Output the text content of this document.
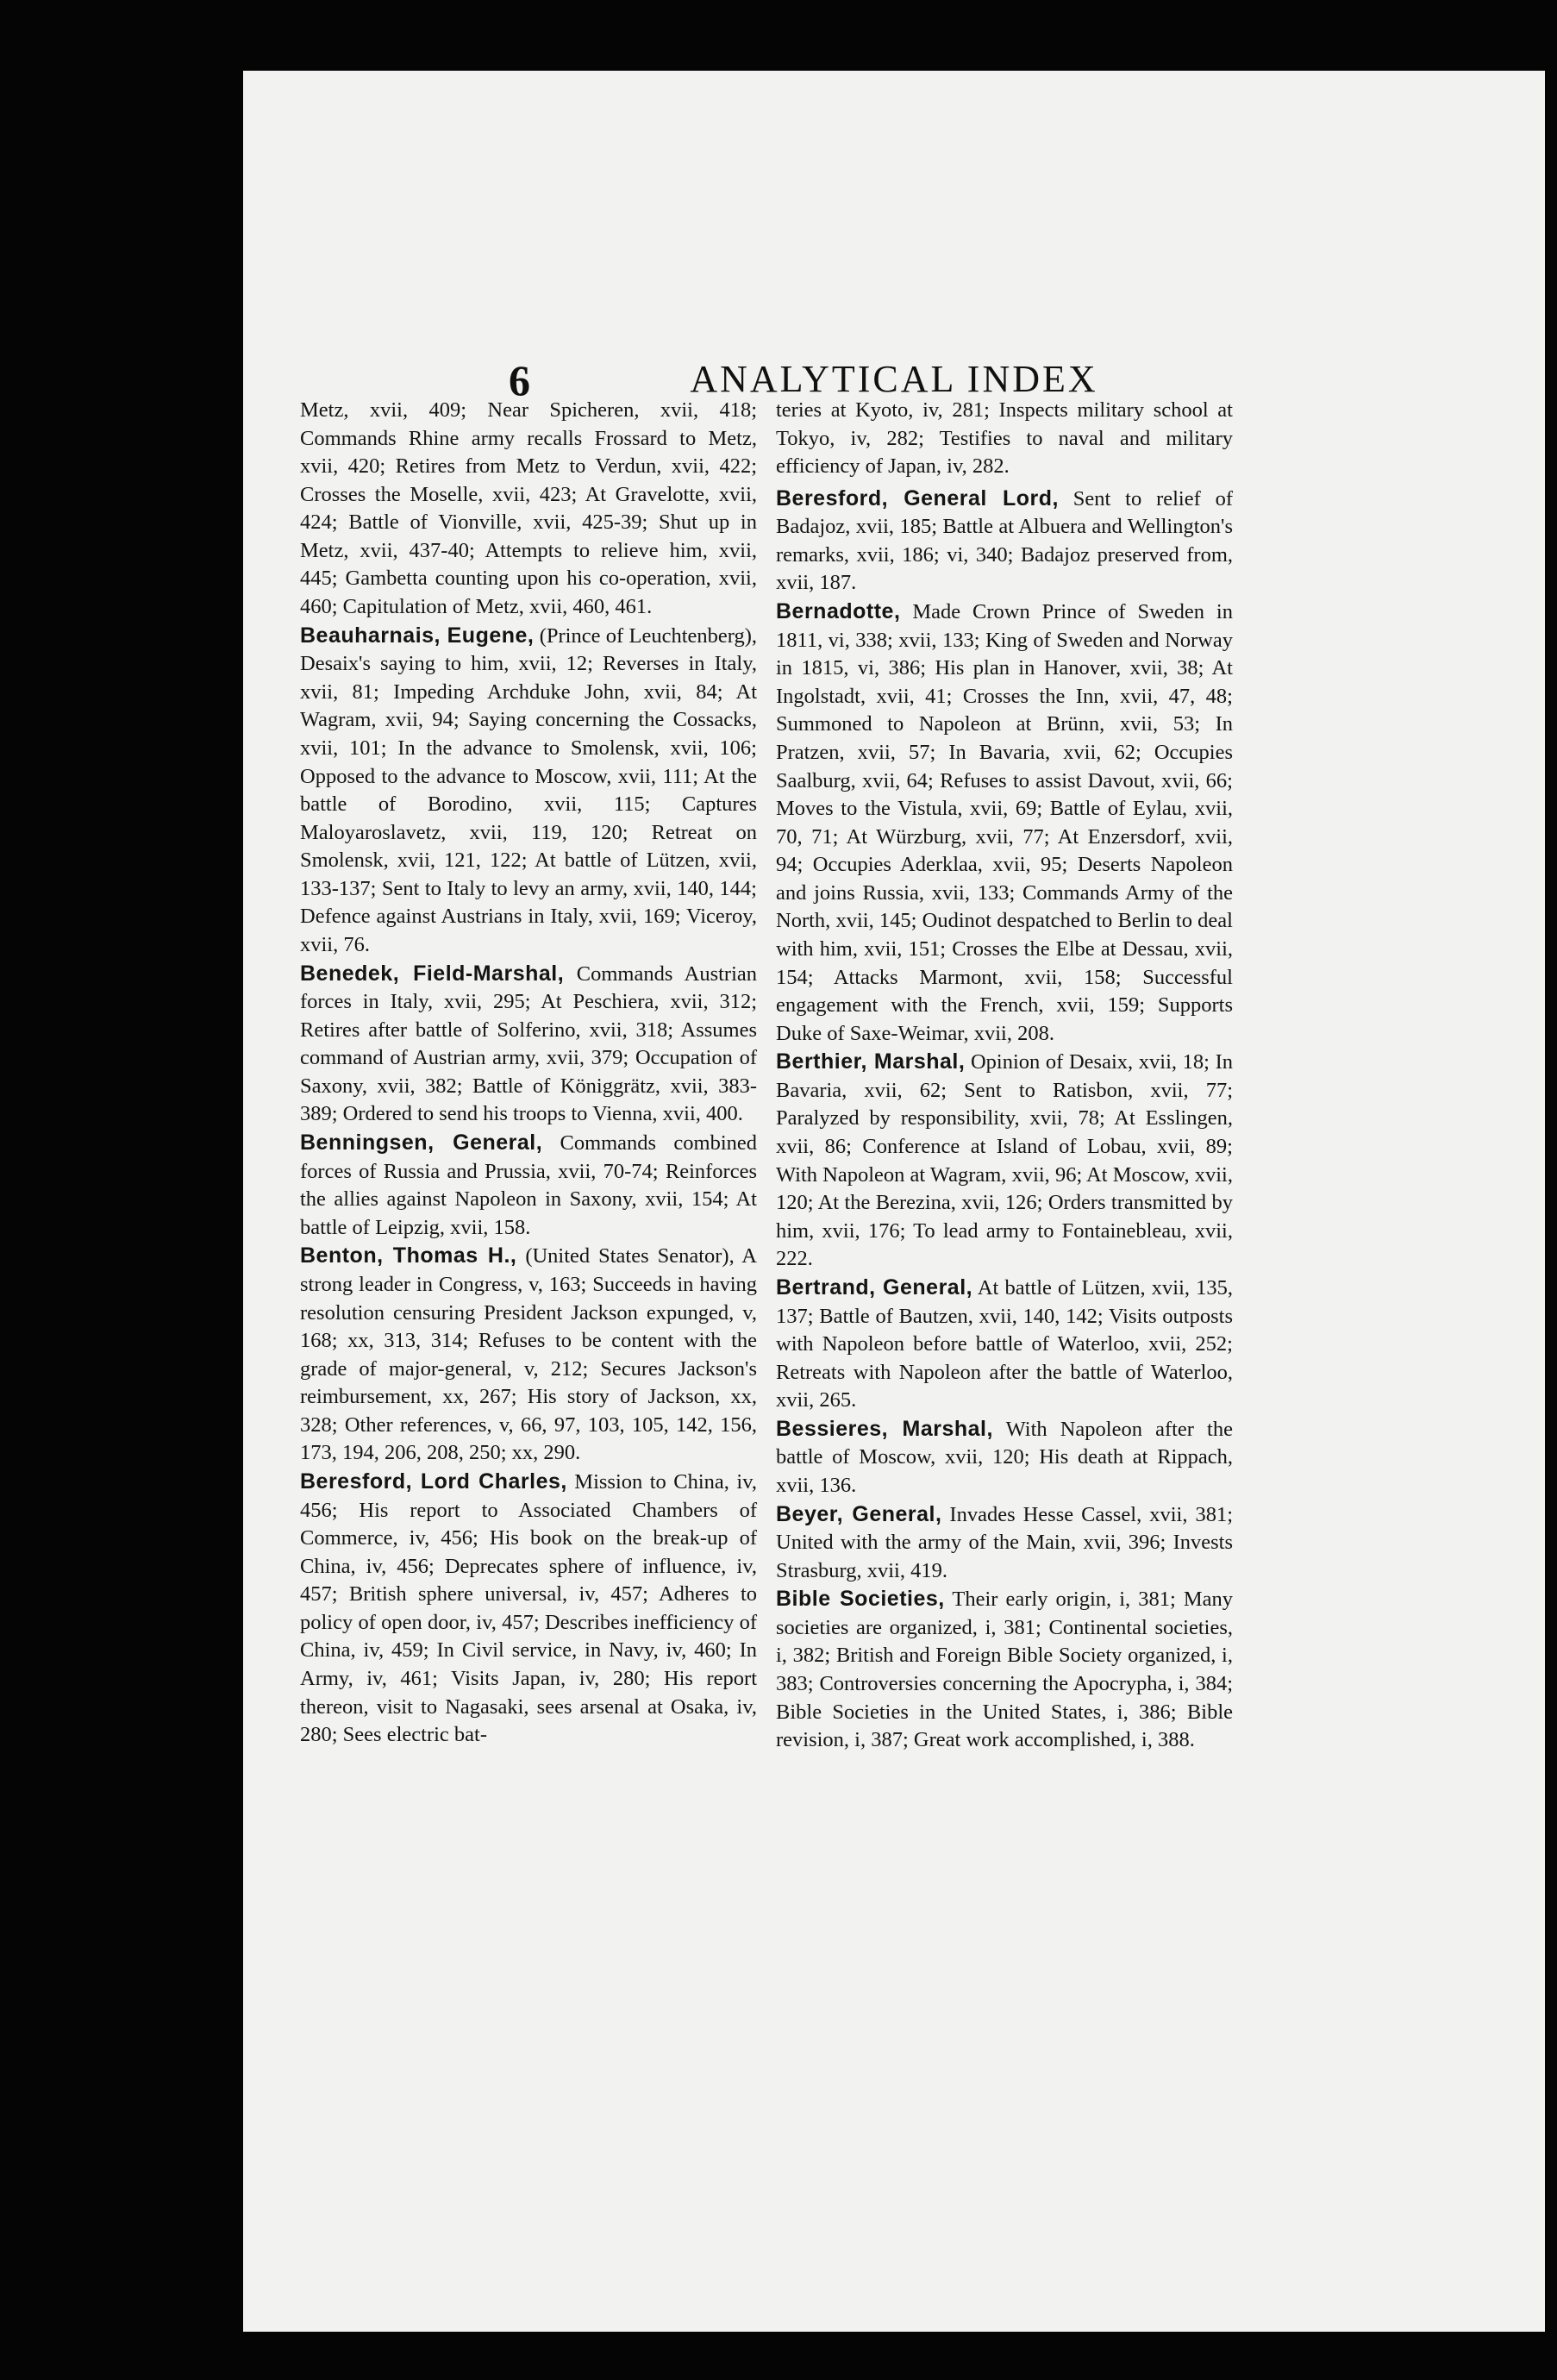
6	ANALYTICAL INDEX

Metz, xvii, 409; Near Spicheren, xvii, 418; Commands Rhine army recalls Frossard to Metz, xvii, 420; Retires from Metz to Verdun, xvii, 422; Crosses the Moselle, xvii, 423; At Gravelotte, xvii, 424; Battle of Vionville, xvii, 425-39; Shut up in Metz, xvii, 437-40; Attempts to relieve him, xvii, 445; Gambetta counting upon his co-operation, xvii, 460; Capitulation of Metz, xvii, 460, 461.

Beauharnais, Eugene, (Prince of Leuchtenberg), Desaix's saying to him, xvii, 12; Reverses in Italy, xvii, 81; Impeding Archduke John, xvii, 84; At Wagram, xvii, 94; Saying concerning the Cossacks, xvii, 101; In the advance to Smolensk, xvii, 106; Opposed to the advance to Moscow, xvii, 111; At the battle of Borodino, xvii, 115; Captures Maloyaroslavetz, xvii, 119, 120; Retreat on Smolensk, xvii, 121, 122; At battle of Lützen, xvii, 133-137; Sent to Italy to levy an army, xvii, 140, 144; Defence against Austrians in Italy, xvii, 169; Viceroy, xvii, 76.

Benedek, Field-Marshal, Commands Austrian forces in Italy, xvii, 295; At Peschiera, xvii, 312; Retires after battle of Solferino, xvii, 318; Assumes command of Austrian army, xvii, 379; Occupation of Saxony, xvii, 382; Battle of Königgrätz, xvii, 383-389; Ordered to send his troops to Vienna, xvii, 400.

Benningsen, General, Commands combined forces of Russia and Prussia, xvii, 70-74; Reinforces the allies against Napoleon in Saxony, xvii, 154; At battle of Leipzig, xvii, 158.

Benton, Thomas H., (United States Senator), A strong leader in Congress, v, 163; Succeeds in having resolution censuring President Jackson expunged, v, 168; xx, 313, 314; Refuses to be content with the grade of major-general, v, 212; Secures Jackson's reimbursement, xx, 267; His story of Jackson, xx, 328; Other references, v, 66, 97, 103, 105, 142, 156, 173, 194, 206, 208, 250; xx, 290.

Beresford, Lord Charles, Mission to China, iv, 456; His report to Associated Chambers of Commerce, iv, 456; His book on the break-up of China, iv, 456; Deprecates sphere of influence, iv, 457; British sphere universal, iv, 457; Adheres to policy of open door, iv, 457; Describes inefficiency of China, iv, 459; In Civil service, in Navy, iv, 460; In Army, iv, 461; Visits Japan, iv, 280; His report thereon, visit to Nagasaki, sees arsenal at Osaka, iv, 280; Sees electric bat-

teries at Kyoto, iv, 281; Inspects military school at Tokyo, iv, 282; Testifies to naval and military efficiency of Japan, iv, 282.

Beresford, General Lord, Sent to relief of Badajoz, xvii, 185; Battle at Albuera and Wellington's remarks, xvii, 186; vi, 340; Badajoz preserved from, xvii, 187.

Bernadotte, Made Crown Prince of Sweden in 1811, vi, 338; xvii, 133; King of Sweden and Norway in 1815, vi, 386; His plan in Hanover, xvii, 38; At Ingolstadt, xvii, 41; Crosses the Inn, xvii, 47, 48; Summoned to Napoleon at Brünn, xvii, 53; In Pratzen, xvii, 57; In Bavaria, xvii, 62; Occupies Saalburg, xvii, 64; Refuses to assist Davout, xvii, 66; Moves to the Vistula, xvii, 69; Battle of Eylau, xvii, 70, 71; At Würzburg, xvii, 77; At Enzersdorf, xvii, 94; Occupies Aderklaa, xvii, 95; Deserts Napoleon and joins Russia, xvii, 133; Commands Army of the North, xvii, 145; Oudinot despatched to Berlin to deal with him, xvii, 151; Crosses the Elbe at Dessau, xvii, 154; Attacks Marmont, xvii, 158; Successful engagement with the French, xvii, 159; Supports Duke of Saxe-Weimar, xvii, 208.

Berthier, Marshal, Opinion of Desaix, xvii, 18; In Bavaria, xvii, 62; Sent to Ratisbon, xvii, 77; Paralyzed by responsibility, xvii, 78; At Esslingen, xvii, 86; Conference at Island of Lobau, xvii, 89; With Napoleon at Wagram, xvii, 96; At Moscow, xvii, 120; At the Berezina, xvii, 126; Orders transmitted by him, xvii, 176; To lead army to Fontainebleau, xvii, 222.

Bertrand, General, At battle of Lützen, xvii, 135, 137; Battle of Bautzen, xvii, 140, 142; Visits outposts with Napoleon before battle of Waterloo, xvii, 252; Retreats with Napoleon after the battle of Waterloo, xvii, 265.

Bessieres, Marshal, With Napoleon after the battle of Moscow, xvii, 120; His death at Rippach, xvii, 136.

Beyer, General, Invades Hesse Cassel, xvii, 381; United with the army of the Main, xvii, 396; Invests Strasburg, xvii, 419.

Bible Societies, Their early origin, i, 381; Many societies are organized, i, 381; Continental societies, i, 382; British and Foreign Bible Society organized, i, 383; Controversies concerning the Apocrypha, i, 384; Bible Societies in the United States, i, 386; Bible revision, i, 387; Great work accomplished, i, 388.
